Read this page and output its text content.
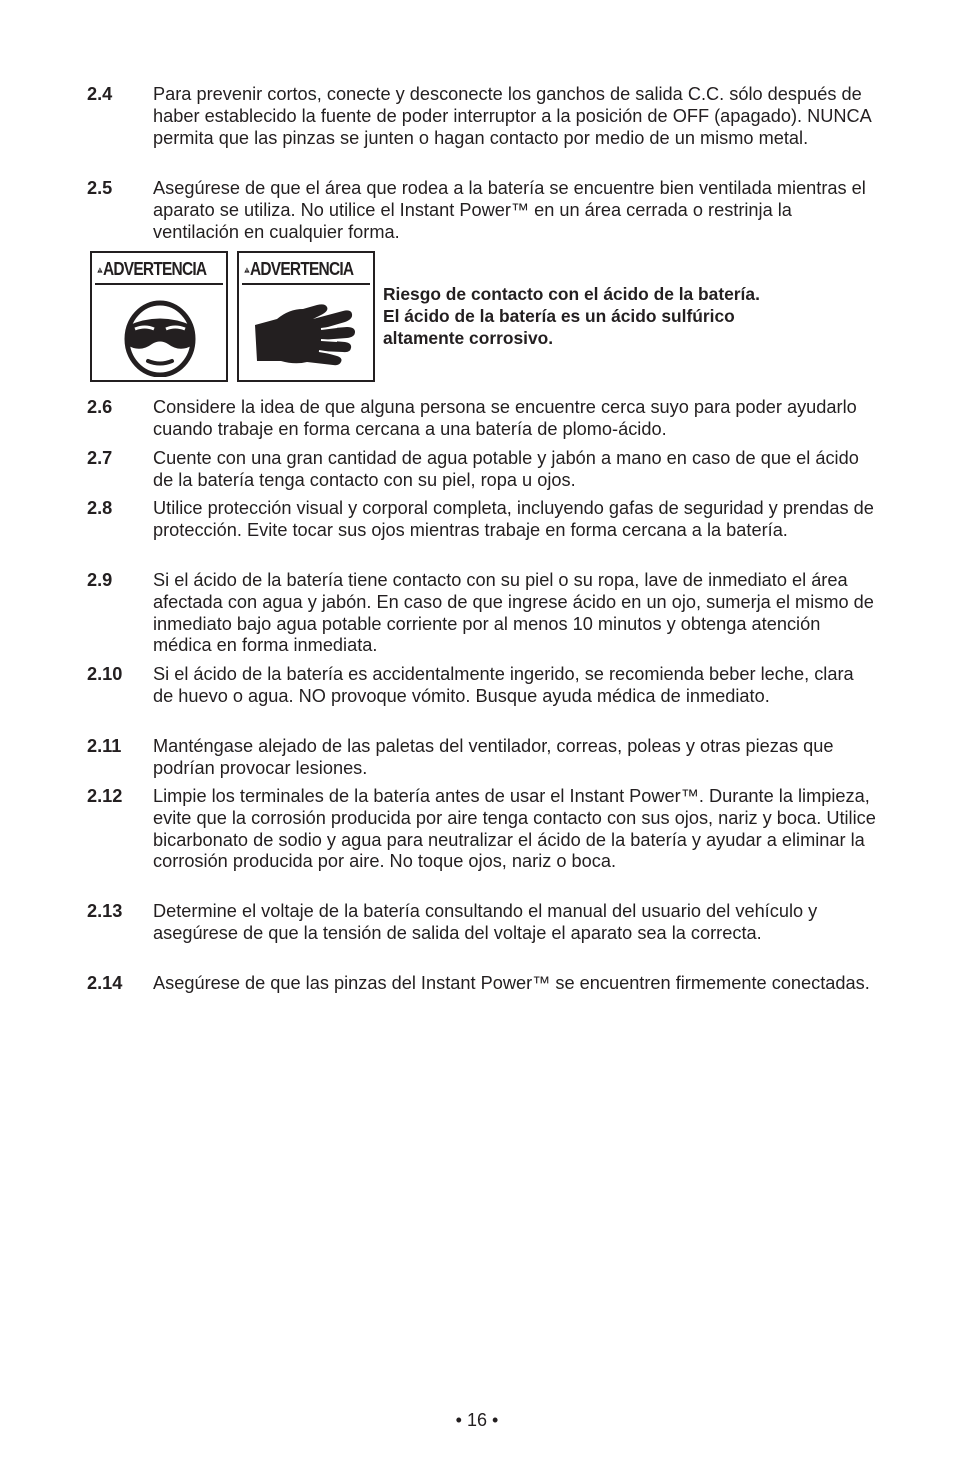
2.4 Para prevenir cortos, conecte y desconecte los ganchos de salida C.C. sólo después de haber establecido la fuente de poder interruptor a la posición de OFF (apagado). NUNCA permita que las pinzas se junten o hagan contacto por medio de un mismo metal.
2.5 Asegúrese de que el área que rodea a la batería se encuentre bien ventilada mientras el aparato se utiliza. No utilice el Instant Power™ en un área cerrada o restrinja la ventilación en cualquier forma.
ADVERTENCIA ADVERTENCIA
Riesgo de contacto con el ácido de la batería.
El ácido de la batería es un ácido sulfúrico
altamente corrosivo.
2.6 Considere la idea de que alguna persona se encuentre cerca suyo para poder ayudarlo cuando trabaje en forma cercana a una batería de plomo-ácido.
2.7 Cuente con una gran cantidad de agua potable y jabón a mano en caso de que el ácido de la batería tenga contacto con su piel, ropa u ojos.
2.8 Utilice protección visual y corporal completa, incluyendo gafas de seguridad y prendas de protección. Evite tocar sus ojos mientras trabaje en forma cercana a la batería.
2.9 Si el ácido de la batería tiene contacto con su piel o su ropa, lave de inmediato el área afectada con agua y jabón. En caso de que ingrese ácido en un ojo, sumerja el mismo de inmediato bajo agua potable corriente por al menos 10 minutos y obtenga atención médica en forma inmediata.
2.10 Si el ácido de la batería es accidentalmente ingerido, se recomienda beber leche, clara de huevo o agua. NO provoque vómito. Busque ayuda médica de inmediato.
2.11 Manténgase alejado de las paletas del ventilador, correas, poleas y otras piezas que podrían provocar lesiones.
2.12 Limpie los terminales de la batería antes de usar el Instant Power™. Durante la limpieza, evite que la corrosión producida por aire tenga contacto con sus ojos, nariz y boca. Utilice bicarbonato de sodio y agua para neutralizar el ácido de la batería y ayudar a eliminar la corrosión producida por aire. No toque ojos, nariz o boca.
2.13 Determine el voltaje de la batería consultando el manual del usuario del vehículo y asegúrese de que la tensión de salida del voltaje el aparato sea la correcta.
2.14 Asegúrese de que las pinzas del Instant Power™ se encuentren firmemente conectadas.
• 16 •
